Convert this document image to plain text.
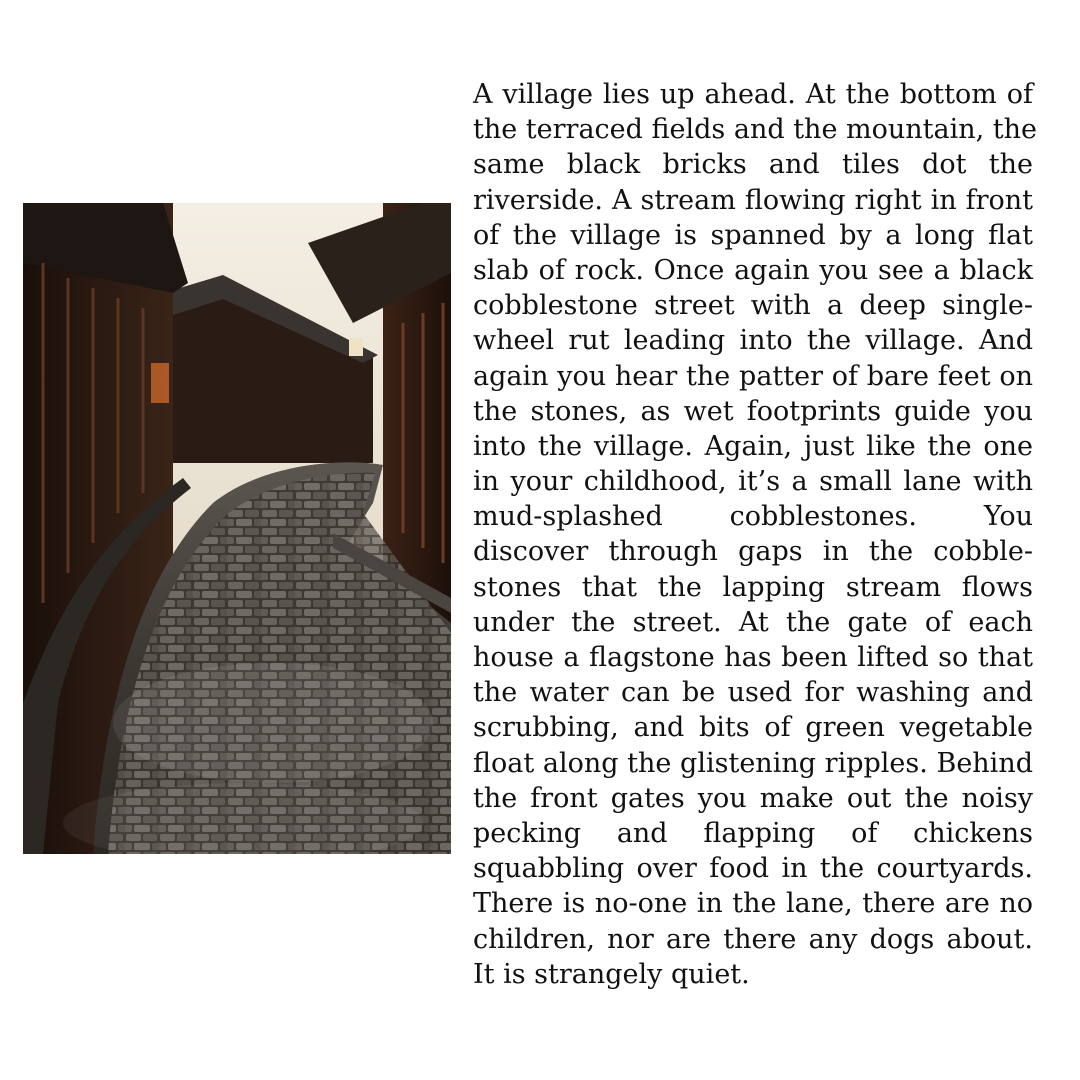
A village lies up ahead. At the bottom of
the terraced fields and the mountain, the
same black bricks and tiles dot the
riverside. A stream flowing right in front
of the village is spanned by a long flat
slab of rock. Once again you see a black
cobblestone street with a deep single-
wheel rut leading into the village. And
again you hear the patter of bare feet on
the stones, as wet footprints guide you
into the village. Again, just like the one
in your childhood, it’s a small lane with
mud-splashed cobblestones. You
discover through gaps in the cobble-
stones that the lapping stream flows
under the street. At the gate of each
house a flagstone has been lifted so that
the water can be used for washing and
scrubbing, and bits of green vegetable
float along the glistening ripples. Behind
the front gates you make out the noisy
pecking and flapping of chickens
squabbling over food in the courtyards.
There is no-one in the lane, there are no
children, nor are there any dogs about.
It is strangely quiet.
